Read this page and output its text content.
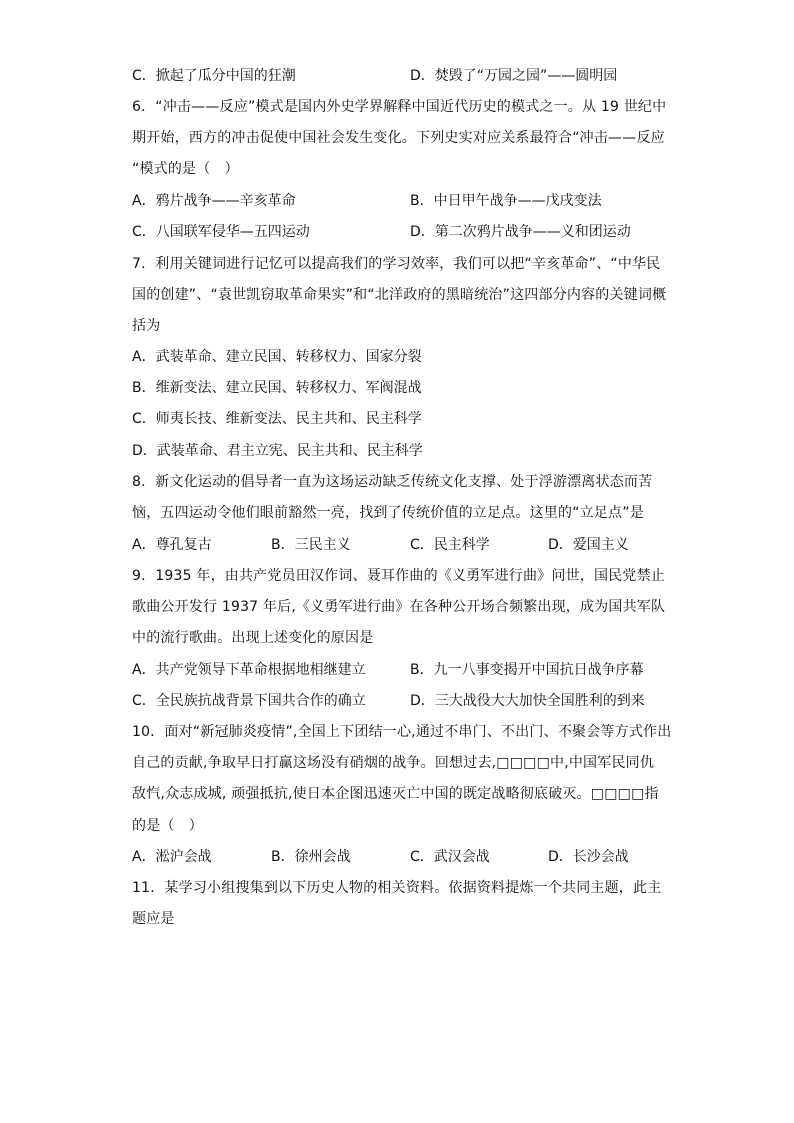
C．掀起了瓜分中国的狂潮	D．焚毁了“万园之园”——圆明园
6．“冲击——反应”模式是国内外史学界解释中国近代历史的模式之一。从 19 世纪中
期开始，西方的冲击促使中国社会发生变化。下列史实对应关系最符合“冲击——反应
“模式的是（　）
A．鸦片战争——辛亥革命	B．中日甲午战争——戊戌变法
C．八国联军侵华—五四运动	D．第二次鸦片战争——义和团运动
7．利用关键词进行记忆可以提高我们的学习效率，我们可以把“辛亥革命”、“中华民
国的创建”、“袁世凯窃取革命果实”和“北洋政府的黑暗统治”这四部分内容的关键词概
括为
A．武装革命、建立民国、转移权力、国家分裂
B．维新变法、建立民国、转移权力、军阀混战
C．师夷长技、维新变法、民主共和、民主科学
D．武装革命、君主立宪、民主共和、民主科学
8．新文化运动的倡导者一直为这场运动缺乏传统文化支撑、处于浮游漂离状态而苦
恼，五四运动令他们眼前豁然一亮，找到了传统价值的立足点。这里的“立足点”是
A．尊孔复古	B．三民主义	C．民主科学	D．爱国主义
9．1935 年，由共产党员田汉作词、聂耳作曲的《义勇军进行曲》问世，国民党禁止
歌曲公开发行 1937 年后,《义勇军进行曲》在各种公开场合频繁出现，成为国共军队
中的流行歌曲。出现上述变化的原因是
A．共产党领导下革命根据地相继建立	B．九一八事变揭开中国抗日战争序幕
C．全民族抗战背景下国共合作的确立	D．三大战役大大加快全国胜利的到来
10．面对“新冠肺炎疫情”,全国上下团结一心,通过不串门、不出门、不聚会等方式作出
自己的贡献,争取早日打赢这场没有硝烟的战争。回想过去,□□□□中,中国军民同仇
敌忾,众志成城, 顽强抵抗,使日本企图迅速灭亡中国的既定战略彻底破灭。□□□□指
的是（　）
A．淞沪会战	B．徐州会战	C．武汉会战	D．长沙会战
11．某学习小组搜集到以下历史人物的相关资料。依据资料提炼一个共同主题，此主
题应是
